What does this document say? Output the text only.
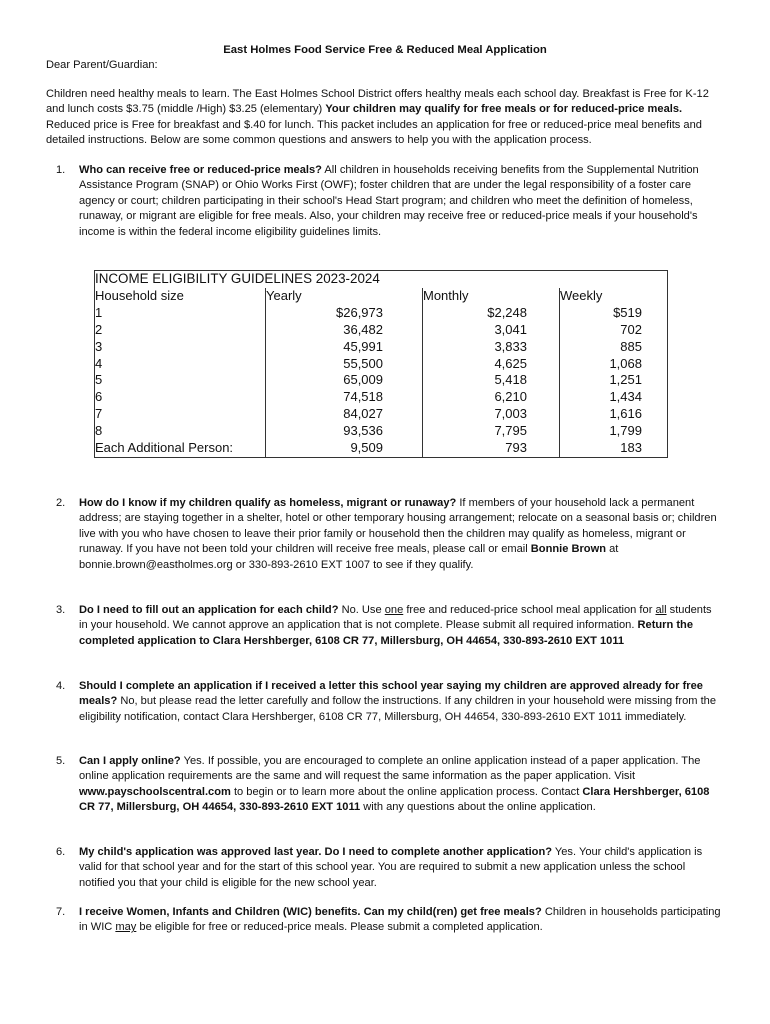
East Holmes Food Service Free & Reduced Meal Application
Dear Parent/Guardian:
Children need healthy meals to learn. The East Holmes School District offers healthy meals each school day. Breakfast is Free for K-12 and lunch costs $3.75 (middle /High) $3.25 (elementary) Your children may qualify for free meals or for reduced-price meals. Reduced price is Free for breakfast and $.40 for lunch. This packet includes an application for free or reduced-price meal benefits and detailed instructions. Below are some common questions and answers to help you with the application process.
1. Who can receive free or reduced-price meals? All children in households receiving benefits from the Supplemental Nutrition Assistance Program (SNAP) or Ohio Works First (OWF); foster children that are under the legal responsibility of a foster care agency or court; children participating in their school's Head Start program; and children who meet the definition of homeless, runaway, or migrant are eligible for free meals. Also, your children may receive free or reduced-price meals if your household's income is within the federal income eligibility guidelines limits.
INCOME ELIGIBILITY GUIDELINES 2023-2024			
Household size	Yearly	Monthly	Weekly
1	$26,973	$2,248	$519
2	36,482	3,041	702
3	45,991	3,833	885
4	55,500	4,625	1,068
5	65,009	5,418	1,251
6	74,518	6,210	1,434
7	84,027	7,003	1,616
8	93,536	7,795	1,799
Each Additional Person:	9,509	793	183
2. How do I know if my children qualify as homeless, migrant or runaway? If members of your household lack a permanent address; are staying together in a shelter, hotel or other temporary housing arrangement; relocate on a seasonal basis or; children live with you who have chosen to leave their prior family or household then the children may qualify as homeless, migrant or runaway. If you have not been told your children will receive free meals, please call or email Bonnie Brown at bonnie.brown@eastholmes.org or 330-893-2610 EXT 1007 to see if they qualify.
3. Do I need to fill out an application for each child? No. Use one free and reduced-price school meal application for all students in your household. We cannot approve an application that is not complete. Please submit all required information. Return the completed application to Clara Hershberger, 6108 CR 77, Millersburg, OH 44654, 330-893-2610 EXT 1011
4. Should I complete an application if I received a letter this school year saying my children are approved already for free meals? No, but please read the letter carefully and follow the instructions. If any children in your household were missing from the eligibility notification, contact Clara Hershberger, 6108 CR 77, Millersburg, OH 44654, 330-893-2610 EXT 1011 immediately.
5. Can I apply online? Yes. If possible, you are encouraged to complete an online application instead of a paper application. The online application requirements are the same and will request the same information as the paper application. Visit www.payschoolscentral.com to begin or to learn more about the online application process. Contact Clara Hershberger, 6108 CR 77, Millersburg, OH 44654, 330-893-2610 EXT 1011 with any questions about the online application.
6. My child's application was approved last year. Do I need to complete another application? Yes. Your child's application is valid for that school year and for the start of this school year. You are required to submit a new application unless the school notified you that your child is eligible for the new school year.
7. I receive Women, Infants and Children (WIC) benefits. Can my child(ren) get free meals? Children in households participating in WIC may be eligible for free or reduced-price meals. Please submit a completed application.
